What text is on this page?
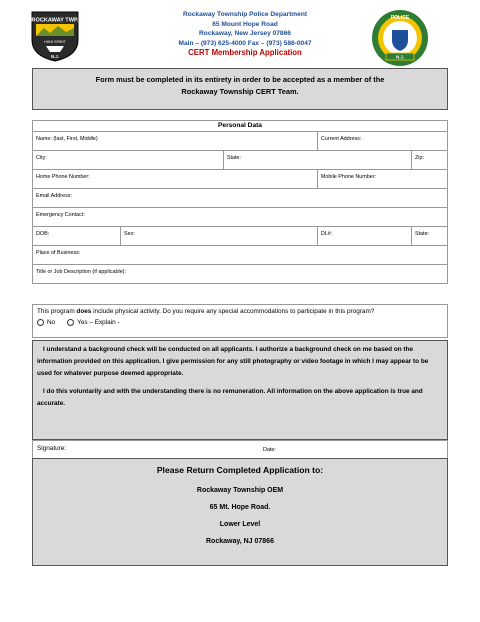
ROCKAWAY TWP.
HIGH SPIRIT
N.J.
Rockaway Township Police Department
65 Mount Hope Road
Rockaway, New Jersey 07866
Main – (973) 625-4000 Fax – (973) 586-0047
CERT Membership Application
POLICE
N.J.
Form must be completed in its entirety in order to be accepted as a member of the
Rockaway Township CERT Team.
Personal Data				
Name: (last, First, Middle)			Current Address:	
City:		State:		Zip:
Home Phone Number:			Mobile Phone Number:	
Email Address:				
Emergency Contact:				
DOB:	Sex:		DL#:	State:
Place of Business:				
Title or Job Description (if applicable):				
This program does include physical activity. Do you require any special accommodations to participate in this program?
No	Yes – Explain -

I understand a background check will be conducted on all applicants. I authorize a background check on me based on the information provided on this application. I give permission for any still photography or video footage in which I may appear to be used for whatever purpose deemed appropriate.

I do this voluntarily and with the understanding there is no remuneration. All information on the above application is true and accurate.

Signature:	Date:
Please Return Completed Application to:
Rockaway Township OEM
65 Mt. Hope Road.
Lower Level
Rockaway, NJ 07866
